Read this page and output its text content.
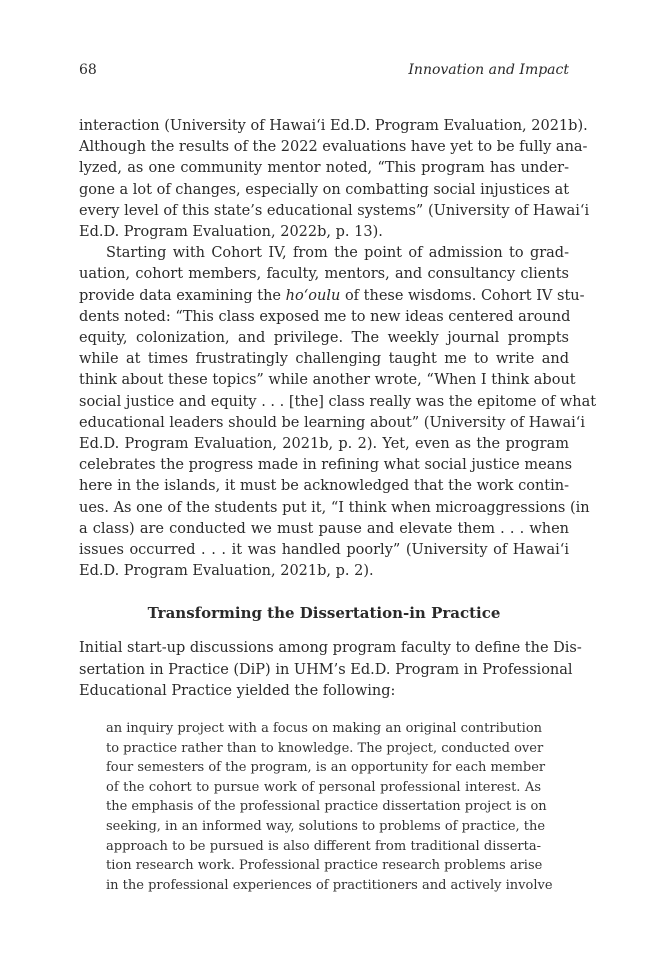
68	Innovation and Impact
interaction (University of Hawai‘i Ed.D. Program Evaluation, 2021b).
Although the results of the 2022 evaluations have yet to be fully ana-
lyzed, as one community mentor noted, “This program has under-
gone a lot of changes, especially on combatting social injustices at
every level of this state’s educational systems” (University of Hawai‘i
Ed.D. Program Evaluation, 2022b, p. 13).
Starting with Cohort IV, from the point of admission to grad-
uation, cohort members, faculty, mentors, and consultancy clients
provide data examining the ho‘oulu of these wisdoms. Cohort IV stu-
dents noted: “This class exposed me to new ideas centered around
equity, colonization, and privilege. The weekly journal prompts
while at times frustratingly challenging taught me to write and
think about these topics” while another wrote, “When I think about
social justice and equity . . . [the] class really was the epitome of what
educational leaders should be learning about” (University of Hawai‘i
Ed.D. Program Evaluation, 2021b, p. 2). Yet, even as the program
celebrates the progress made in refining what social justice means
here in the islands, it must be acknowledged that the work contin-
ues. As one of the students put it, “I think when microaggressions (in
a class) are conducted we must pause and elevate them . . . when
issues occurred . . . it was handled poorly” (University of Hawai‘i
Ed.D. Program Evaluation, 2021b, p. 2).
Transforming the Dissertation-in Practice
Initial start-up discussions among program faculty to define the Dis-
sertation in Practice (DiP) in UHM’s Ed.D. Program in Professional
Educational Practice yielded the following:
an inquiry project with a focus on making an original contribution
to practice rather than to knowledge. The project, conducted over
four semesters of the program, is an opportunity for each member
of the cohort to pursue work of personal professional interest. As
the emphasis of the professional practice dissertation project is on
seeking, in an informed way, solutions to problems of practice, the
approach to be pursued is also different from traditional disserta-
tion research work. Professional practice research problems arise
in the professional experiences of practitioners and actively involve
